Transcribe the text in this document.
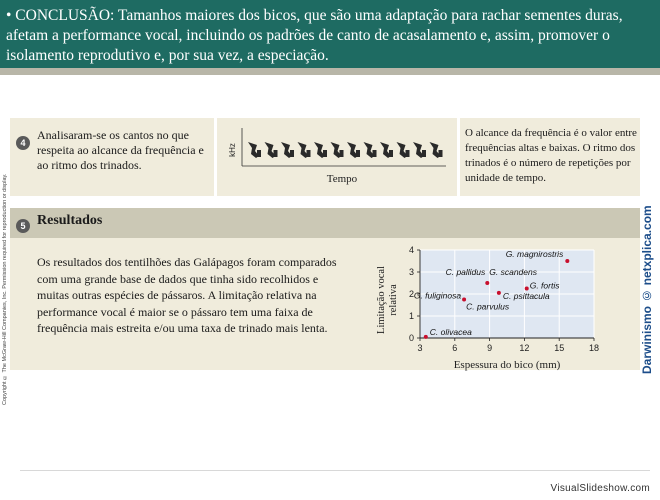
• CONCLUSÃO: Tamanhos maiores dos bicos, que são uma adaptação para rachar sementes duras, afetam a performance vocal, incluindo os padrões de canto de acasalamento e, assim, promover o isolamento reprodutivo e, por sua vez, a especiação.
Copyright © The McGraw-Hill Companies, Inc. Permission required for reproduction or display.	Darwinismo © netxplica.com
4
Analisaram-se os cantos no que respeita ao alcance da frequência e ao ritmo dos trinados.
kHz
Tempo
O alcance da frequência é o valor entre frequências altas e baixas. O ritmo dos trinados é o número de repetições por unidade de tempo.
5 Resultados
Os resultados dos tentilhões das Galápagos foram comparados com uma grande base de dados que tinha sido recolhidos e muitas outras espécies de pássaros. A limitação relativa na performance vocal é maior se o pássaro tem uma faixa de frequência mais estreita e/ou uma taxa de trinado mais lenta.
3	6	9	12	15	18
0
1
2
3
4
C. olivacea
C. parvulus
G. fuliginosa
C. pallidus G. scandens
C. psittacula
G. fortis
G. magnirostris
Espessura do bico (mm)
Limitação vocalrelativa
VisualSlideshow.com
